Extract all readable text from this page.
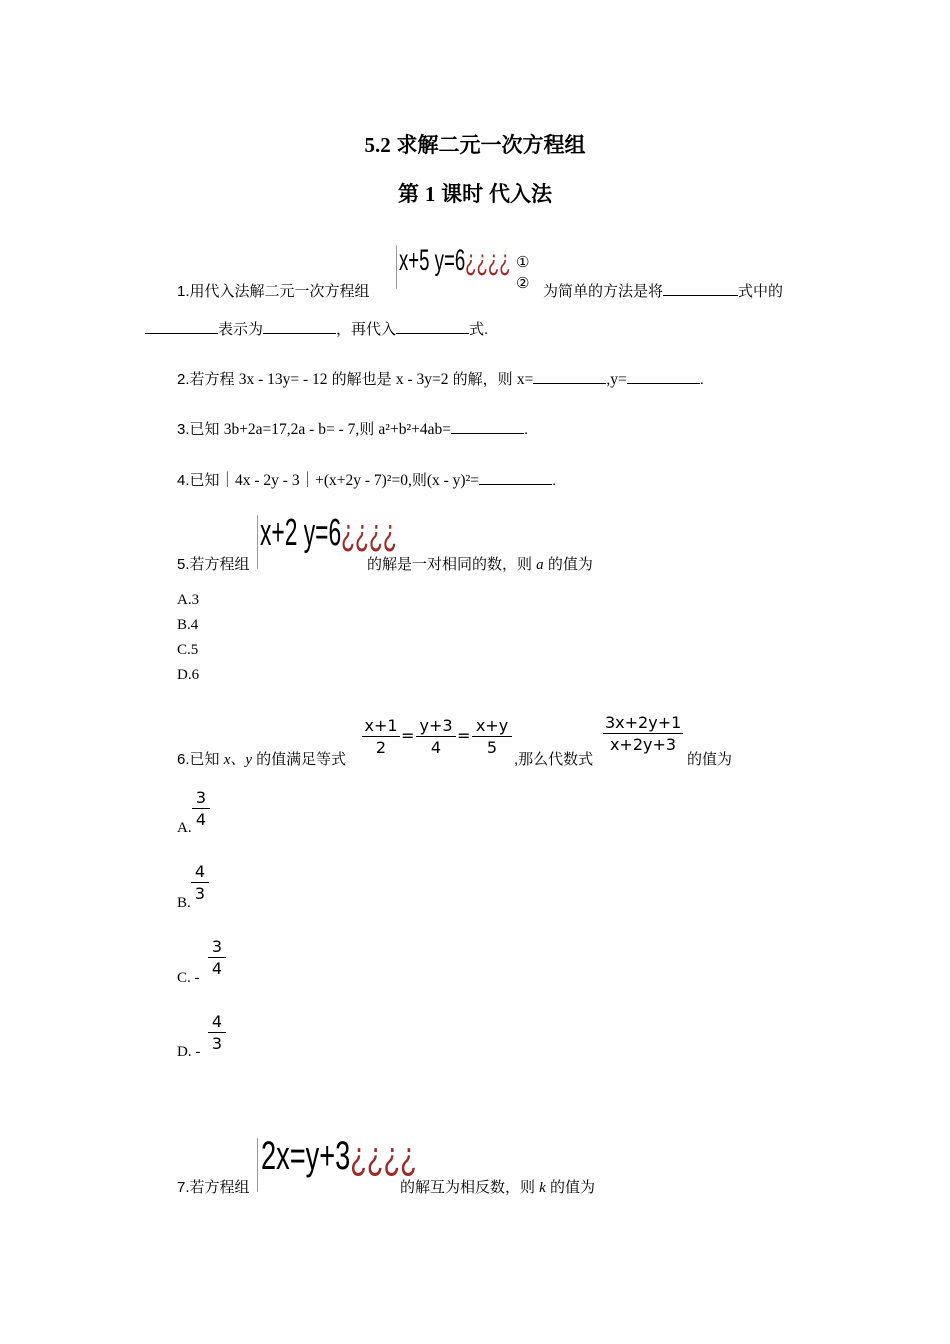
5.2 求解二元一次方程组
第 1 课时 代入法
1.用代入法解二元一次方程组
x+5 y=6¿¿¿¿ ①
② 为简单的方法是将	式中的
表示为	，再代入	式.
2.若方程 3x - 13y= - 12 的解也是 x - 3y=2 的解，则 x=	,y=	.
3.已知 3b+2a=17,2a - b= - 7,则 a²+b²+4ab=	.
4.已知｜4x - 2y - 3｜+(x+2y - 7)²=0,则(x - y)²=	.
5.若方程组
x+2 y=6¿¿¿¿
的解是一对相同的数，则 a 的值为
A.3
B.4
C.5
D.6
6.已知 x、y 的值满足等式
$\frac{x+1}{2} = \frac{y+3}{4} = \frac{x+y}{5}$
,那么代数式
$\frac{3x+2y+1}{x+2y+3}$
的值为
A. $\frac{3}{4}$
B. $\frac{4}{3}$
C. - $\frac{3}{4}$
D. - $\frac{4}{3}$
7.若方程组
2x=y+3¿¿¿¿
的解互为相反数，则 k 的值为
